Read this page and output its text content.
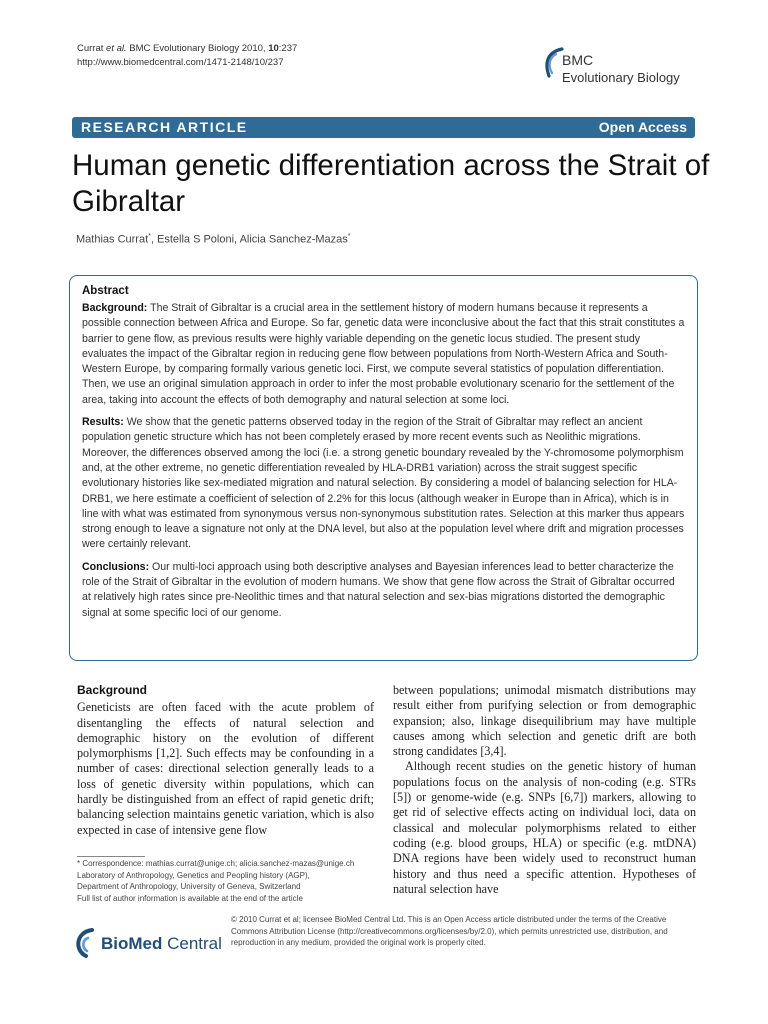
Currat et al. BMC Evolutionary Biology 2010, 10:237
http://www.biomedcentral.com/1471-2148/10/237	BMC
Evolutionary Biology
RESEARCH ARTICLE	Open Access
Human genetic differentiation across the Strait of Gibraltar
Mathias Currat*, Estella S Poloni, Alicia Sanchez-Mazas*
Abstract

Background: The Strait of Gibraltar is a crucial area in the settlement history of modern humans because it represents a possible connection between Africa and Europe. So far, genetic data were inconclusive about the fact that this strait constitutes a barrier to gene flow, as previous results were highly variable depending on the genetic locus studied. The present study evaluates the impact of the Gibraltar region in reducing gene flow between populations from North-Western Africa and South-Western Europe, by comparing formally various genetic loci. First, we compute several statistics of population differentiation. Then, we use an original simulation approach in order to infer the most probable evolutionary scenario for the settlement of the area, taking into account the effects of both demography and natural selection at some loci.

Results: We show that the genetic patterns observed today in the region of the Strait of Gibraltar may reflect an ancient population genetic structure which has not been completely erased by more recent events such as Neolithic migrations. Moreover, the differences observed among the loci (i.e. a strong genetic boundary revealed by the Y-chromosome polymorphism and, at the other extreme, no genetic differentiation revealed by HLA-DRB1 variation) across the strait suggest specific evolutionary histories like sex-mediated migration and natural selection. By considering a model of balancing selection for HLA-DRB1, we here estimate a coefficient of selection of 2.2% for this locus (although weaker in Europe than in Africa), which is in line with what was estimated from synonymous versus non-synonymous substitution rates. Selection at this marker thus appears strong enough to leave a signature not only at the DNA level, but also at the population level where drift and migration processes were certainly relevant.

Conclusions: Our multi-loci approach using both descriptive analyses and Bayesian inferences lead to better characterize the role of the Strait of Gibraltar in the evolution of modern humans. We show that gene flow across the Strait of Gibraltar occurred at relatively high rates since pre-Neolithic times and that natural selection and sex-bias migrations distorted the demographic signal at some specific loci of our genome.

Background

Geneticists are often faced with the acute problem of disentangling the effects of natural selection and demographic history on the evolution of different polymorphisms [1,2]. Such effects may be confounding in a number of cases: directional selection generally leads to a loss of genetic diversity within populations, which can hardly be distinguished from an effect of rapid genetic drift; balancing selection maintains genetic variation, which is also expected in case of intensive gene flow

between populations; unimodal mismatch distributions may result either from purifying selection or from demographic expansion; also, linkage disequilibrium may have multiple causes among which selection and genetic drift are both strong candidates [3,4].

Although recent studies on the genetic history of human populations focus on the analysis of non-coding (e.g. STRs [5]) or genome-wide (e.g. SNPs [6,7]) markers, allowing to get rid of selective effects acting on individual loci, data on classical and molecular polymorphisms related to either coding (e.g. blood groups, HLA) or specific (e.g. mtDNA) DNA regions have been widely used to reconstruct human history and thus need a specific attention. Hypotheses of natural selection have

* Correspondence: mathias.currat@unige.ch; alicia.sanchez-mazas@unige.ch
Laboratory of Anthropology, Genetics and Peopling history (AGP),
Department of Anthropology, University of Geneva, Switzerland
Full list of author information is available at the end of the article
BioMed Central
© 2010 Currat et al; licensee BioMed Central Ltd. This is an Open Access article distributed under the terms of the Creative Commons Attribution License (http://creativecommons.org/licenses/by/2.0), which permits unrestricted use, distribution, and reproduction in any medium, provided the original work is properly cited.
